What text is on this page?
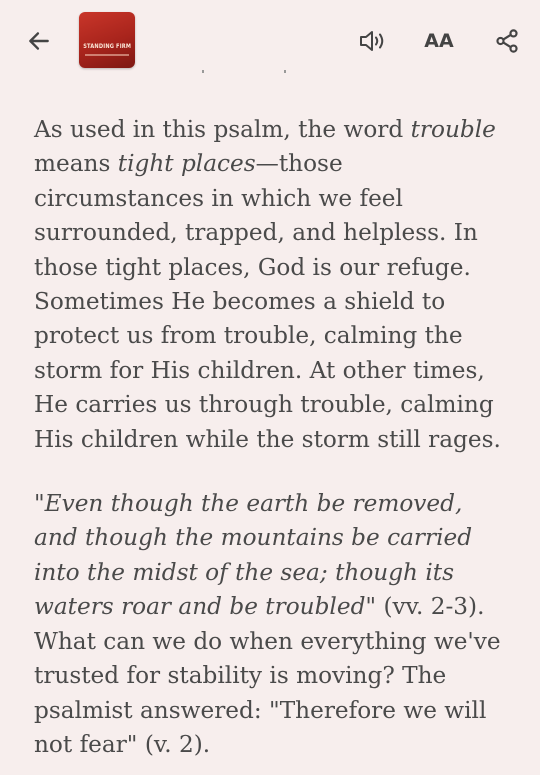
STANDING FIRM	AA

As used in this psalm, the word trouble
means tight places—those
circumstances in which we feel
surrounded, trapped, and helpless. In
those tight places, God is our refuge.
Sometimes He becomes a shield to
protect us from trouble, calming the
storm for His children. At other times,
He carries us through trouble, calming
His children while the storm still rages.

"Even though the earth be removed,
and though the mountains be carried
into the midst of the sea; though its
waters roar and be troubled" (vv. 2-3).
What can we do when everything we've
trusted for stability is moving? The
psalmist answered: "Therefore we will
not fear" (v. 2).
